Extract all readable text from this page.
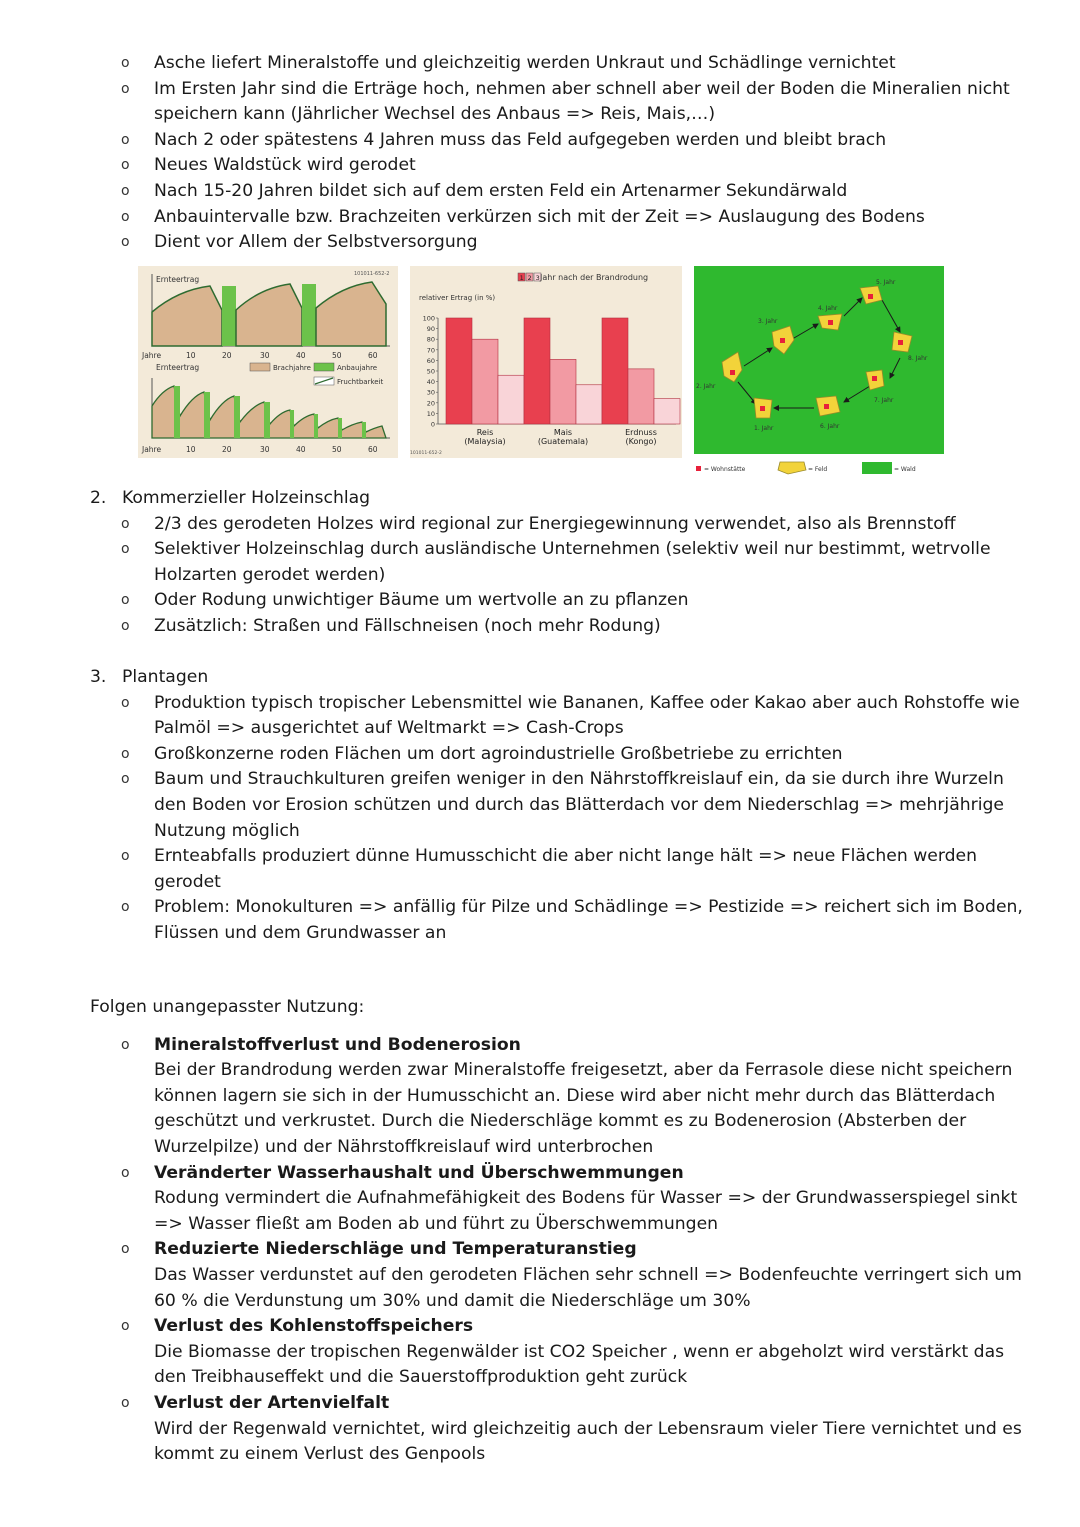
o Asche liefert Mineralstoffe und gleichzeitig werden Unkraut und Schädlinge vernichtet
o Im Ersten Jahr sind die Erträge hoch, nehmen aber schnell aber weil der Boden die Mineralien nicht speichern kann (Jährlicher Wechsel des Anbaus => Reis, Mais,…)
o Nach 2 oder spätestens 4 Jahren muss das Feld aufgegeben werden und bleibt brach
o Neues Waldstück wird gerodet
o Nach 15-20 Jahren bildet sich auf dem ersten Feld ein Artenarmer Sekundärwald
o Anbauintervalle bzw. Brachzeiten verkürzen sich mit der Zeit => Auslaugung des Bodens
o Dient vor Allem der Selbstversorgung
Ernteertrag
101011-652-2
Jahre	10	20	30	40	50	60
Brachjahre	Anbaujahre
Fruchtbarkeit
Ernteertrag
Jahre	10	20	30	40	50	60
1 2 3 Jahr nach der Brandrodung
relativer Ertrag (in %)
100
90
80
70
60
50
40
30
20
10
0
Reis
(Malaysia)
Mais
(Guatemala)
Erdnuss
(Kongo)
101011-652-2
1. Jahr
2. Jahr
3. Jahr
4. Jahr
5. Jahr
6. Jahr
7. Jahr
8. Jahr
= Wohnstätte	= Feld	= Wald
2. Kommerzieller Holzeinschlag
o 2/3 des gerodeten Holzes wird regional zur Energiegewinnung verwendet, also als Brennstoff
o Selektiver Holzeinschlag durch ausländische Unternehmen (selektiv weil nur bestimmt, wetrvolle Holzarten gerodet werden)
o Oder Rodung unwichtiger Bäume um wertvolle an zu pflanzen
o Zusätzlich: Straßen und Fällschneisen (noch mehr Rodung)
3. Plantagen
o Produktion typisch tropischer Lebensmittel wie Bananen, Kaffee oder Kakao aber auch Rohstoffe wie Palmöl => ausgerichtet auf Weltmarkt => Cash-Crops
o Großkonzerne roden Flächen um dort agroindustrielle Großbetriebe zu errichten
o Baum und Strauchkulturen greifen weniger in den Nährstoffkreislauf ein, da sie durch ihre Wurzeln den Boden vor Erosion schützen und durch das Blätterdach vor dem Niederschlag => mehrjährige Nutzung möglich
o Ernteabfalls produziert dünne Humusschicht die aber nicht lange hält => neue Flächen werden gerodet
o Problem: Monokulturen => anfällig für Pilze und Schädlinge => Pestizide => reichert sich im Boden, Flüssen und dem Grundwasser an
Folgen unangepasster Nutzung:
o Mineralstoffverlust und Bodenerosion
Bei der Brandrodung werden zwar Mineralstoffe freigesetzt, aber da Ferrasole diese nicht speichern können lagern sie sich in der Humusschicht an. Diese wird aber nicht mehr durch das Blätterdach geschützt und verkrustet. Durch die Niederschläge kommt es zu Bodenerosion (Absterben der Wurzelpilze) und der Nährstoffkreislauf wird unterbrochen
o Veränderter Wasserhaushalt und Überschwemmungen
Rodung vermindert die Aufnahmefähigkeit des Bodens für Wasser => der Grundwasserspiegel sinkt => Wasser fließt am Boden ab und führt zu Überschwemmungen
o Reduzierte Niederschläge und Temperaturanstieg
Das Wasser verdunstet auf den gerodeten Flächen sehr schnell => Bodenfeuchte verringert sich um 60 % die Verdunstung um 30% und damit die Niederschläge um 30%
o Verlust des Kohlenstoffspeichers
Die Biomasse der tropischen Regenwälder ist CO2 Speicher , wenn er abgeholzt wird verstärkt das den Treibhauseffekt und die Sauerstoffproduktion geht zurück
o Verlust der Artenvielfalt
Wird der Regenwald vernichtet, wird gleichzeitig auch der Lebensraum vieler Tiere vernichtet und es kommt zu einem Verlust des Genpools
